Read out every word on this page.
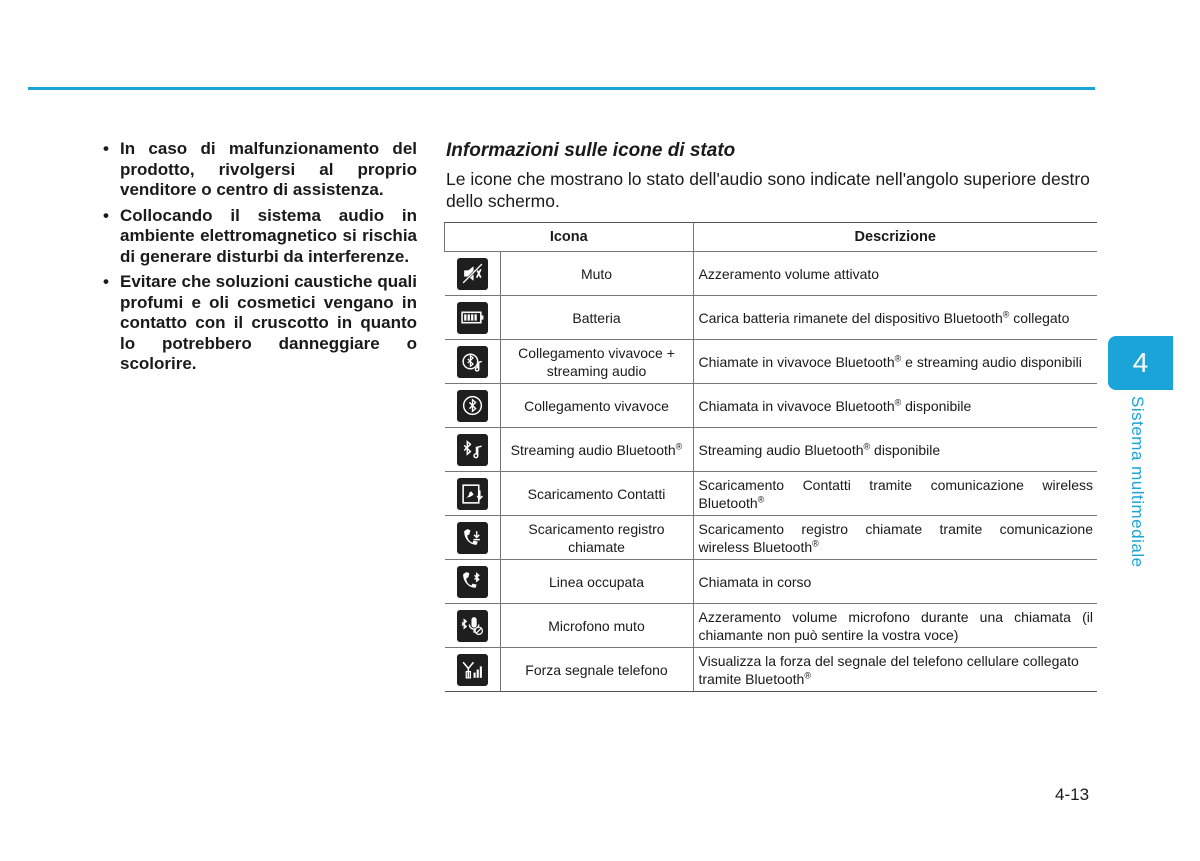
• In caso di malfunzionamento del prodotto, rivolgersi al proprio venditore o centro di assistenza.
• Collocando il sistema audio in ambiente elettromagnetico si rischia di generare disturbi da interferenze.
• Evitare che soluzioni caustiche quali profumi e oli cosmetici vengano in contatto con il cruscotto in quanto lo potrebbero danneggiare o scolorire.
Informazioni sulle icone di stato
Le icone che mostrano lo stato dell'audio sono indicate nell'angolo superiore destro dello schermo.
Icona		Descrizione

	Muto	Azzeramento volume attivato

	Batteria	Carica batteria rimanete del dispositivo Bluetooth® collegato

	Collegamento vivavoce + streaming audio	Chiamate in vivavoce Bluetooth® e streaming audio disponibili

	Collegamento vivavoce	Chiamata in vivavoce Bluetooth® disponibile

	Streaming audio Bluetooth®	Streaming audio Bluetooth® disponibile

	Scaricamento Contatti	Scaricamento Contatti tramite comunicazione wireless Bluetooth®

	Scaricamento registro chiamate	Scaricamento registro chiamate tramite comunicazione wireless Bluetooth®

	Linea occupata	Chiamata in corso

	Microfono muto	Azzeramento volume microfono durante una chiamata (il chiamante non può sentire la vostra voce)

	Forza segnale telefono	Visualizza la forza del segnale del telefono cellulare collegato tramite Bluetooth®
4
Sistema multimediale
4-13
